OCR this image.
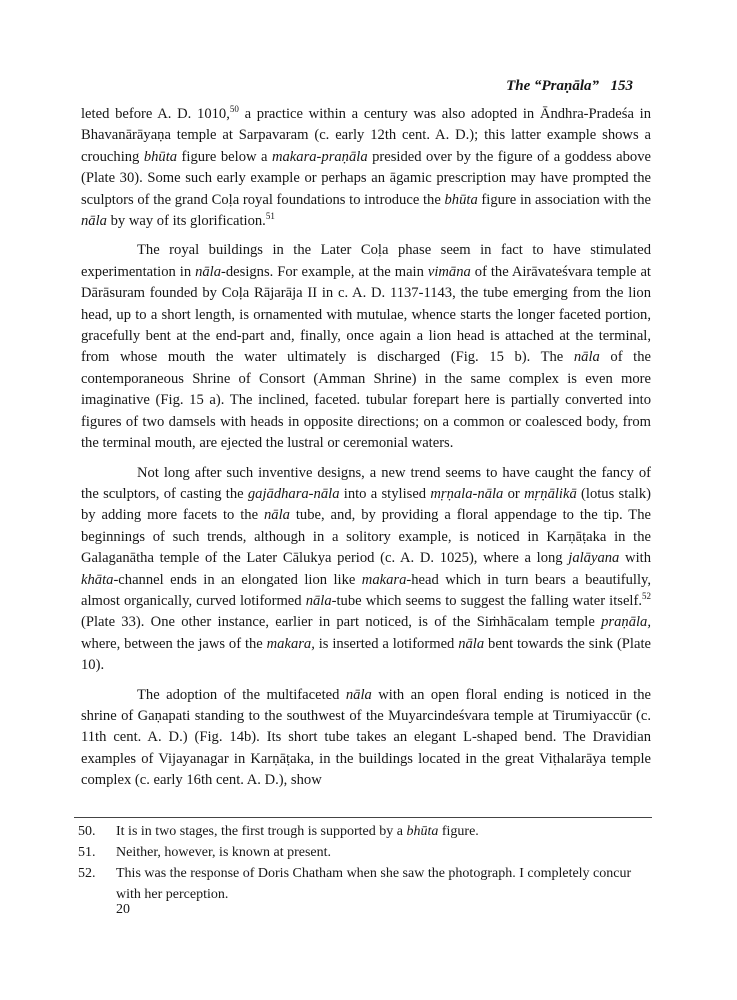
The “Praṇāla” 153

leted before A. D. 1010,50 a practice within a century was also adopted in Āndhra-Pradeśa in Bhavanārāyaṇa temple at Sarpavaram (c. early 12th cent. A. D.); this latter example shows a crouching bhūta figure below a makara-praṇāla presided over by the figure of a goddess above (Plate 30). Some such early example or perhaps an āgamic prescription may have prompted the sculptors of the grand Coḷa royal foundations to introduce the bhūta figure in association with the nāla by way of its glorification.$^{51}$

The royal buildings in the Later Coḷa phase seem in fact to have stimulated experimentation in nāla-designs. For example, at the main vimāna of the Airāvateśvara temple at Dārāsuram founded by Coḷa Rājarāja II in c. A. D. 1137-1143, the tube emerging from the lion head, up to a short length, is ornamented with mutulae, whence starts the longer faceted portion, gracefully bent at the end-part and, finally, once again a lion head is attached at the terminal, from whose mouth the water ultimately is discharged (Fig. 15 b). The nāla of the contemporaneous Shrine of Consort (Amman Shrine) in the same complex is even more imaginative (Fig. 15 a). The inclined, faceted. tubular forepart here is partially converted into figures of two damsels with heads in opposite directions; on a common or coalesced body, from the terminal mouth, are ejected the lustral or ceremonial waters.

Not long after such inventive designs, a new trend seems to have caught the fancy of the sculptors, of casting the gajādhara-nāla into a stylised mṛṇala-nāla or mṛṇālikā (lotus stalk) by adding more facets to the nāla tube, and, by providing a floral appendage to the tip. The beginnings of such trends, although in a solitory example, is noticed in Karṇāṭaka in the Galaganātha temple of the Later Cālukya period (c. A. D. 1025), where a long jalāyana with khāta-channel ends in an elongated lion like makara-head which in turn bears a beautifully, almost organically, curved lotiformed nāla-tube which seems to suggest the falling water itself.$^{52}$ (Plate 33). One other instance, earlier in part noticed, is of the Siṁhācalam temple praṇāla, where, between the jaws of the makara, is inserted a lotiformed nāla bent towards the sink (Plate 10).

The adoption of the multifaceted nāla with an open floral ending is noticed in the shrine of Gaṇapati standing to the southwest of the Muyarcindeśvara temple at Tirumiyaccūr (c. 11th cent. A. D.) (Fig. 14b). Its short tube takes an elegant L-shaped bend. The Dravidian examples of Vijayanagar in Karṇāṭaka, in the buildings located in the great Viṭhalarāya temple complex (c. early 16th cent. A. D.), show

50.	It is in two stages, the first trough is supported by a bhūta figure.
51.	Neither, however, is known at present.
52.	This was the response of Doris Chatham when she saw the photograph. I completely concur with her perception.
20
